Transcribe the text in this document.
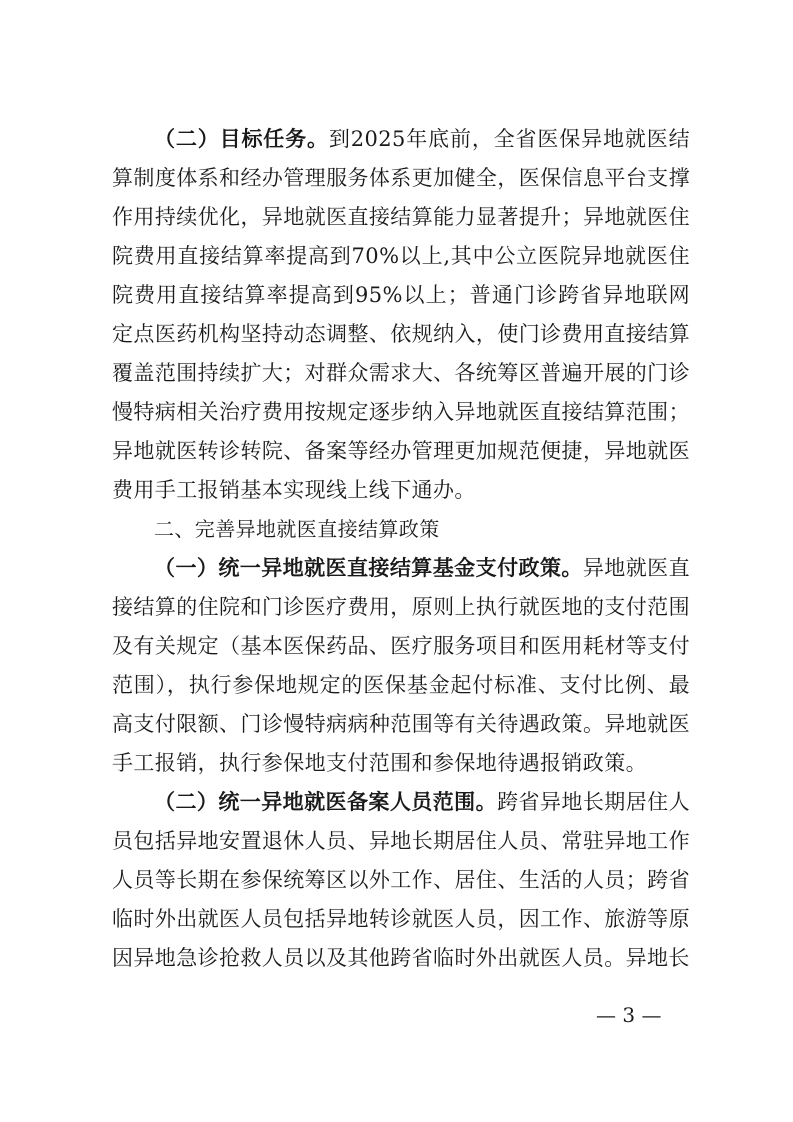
（二）目标任务。到2025年底前，全省医保异地就医结算制度体系和经办管理服务体系更加健全，医保信息平台支撑作用持续优化，异地就医直接结算能力显著提升；异地就医住院费用直接结算率提高到70%以上,其中公立医院异地就医住院费用直接结算率提高到95%以上；普通门诊跨省异地联网定点医药机构坚持动态调整、依规纳入，使门诊费用直接结算覆盖范围持续扩大；对群众需求大、各统筹区普遍开展的门诊慢特病相关治疗费用按规定逐步纳入异地就医直接结算范围；异地就医转诊转院、备案等经办管理更加规范便捷，异地就医费用手工报销基本实现线上线下通办。

二、完善异地就医直接结算政策

（一）统一异地就医直接结算基金支付政策。异地就医直接结算的住院和门诊医疗费用，原则上执行就医地的支付范围及有关规定（基本医保药品、医疗服务项目和医用耗材等支付范围），执行参保地规定的医保基金起付标准、支付比例、最高支付限额、门诊慢特病病种范围等有关待遇政策。异地就医手工报销，执行参保地支付范围和参保地待遇报销政策。

（二）统一异地就医备案人员范围。跨省异地长期居住人员包括异地安置退休人员、异地长期居住人员、常驻异地工作人员等长期在参保统筹区以外工作、居住、生活的人员；跨省临时外出就医人员包括异地转诊就医人员，因工作、旅游等原因异地急诊抢救人员以及其他跨省临时外出就医人员。异地长

— 3 —
